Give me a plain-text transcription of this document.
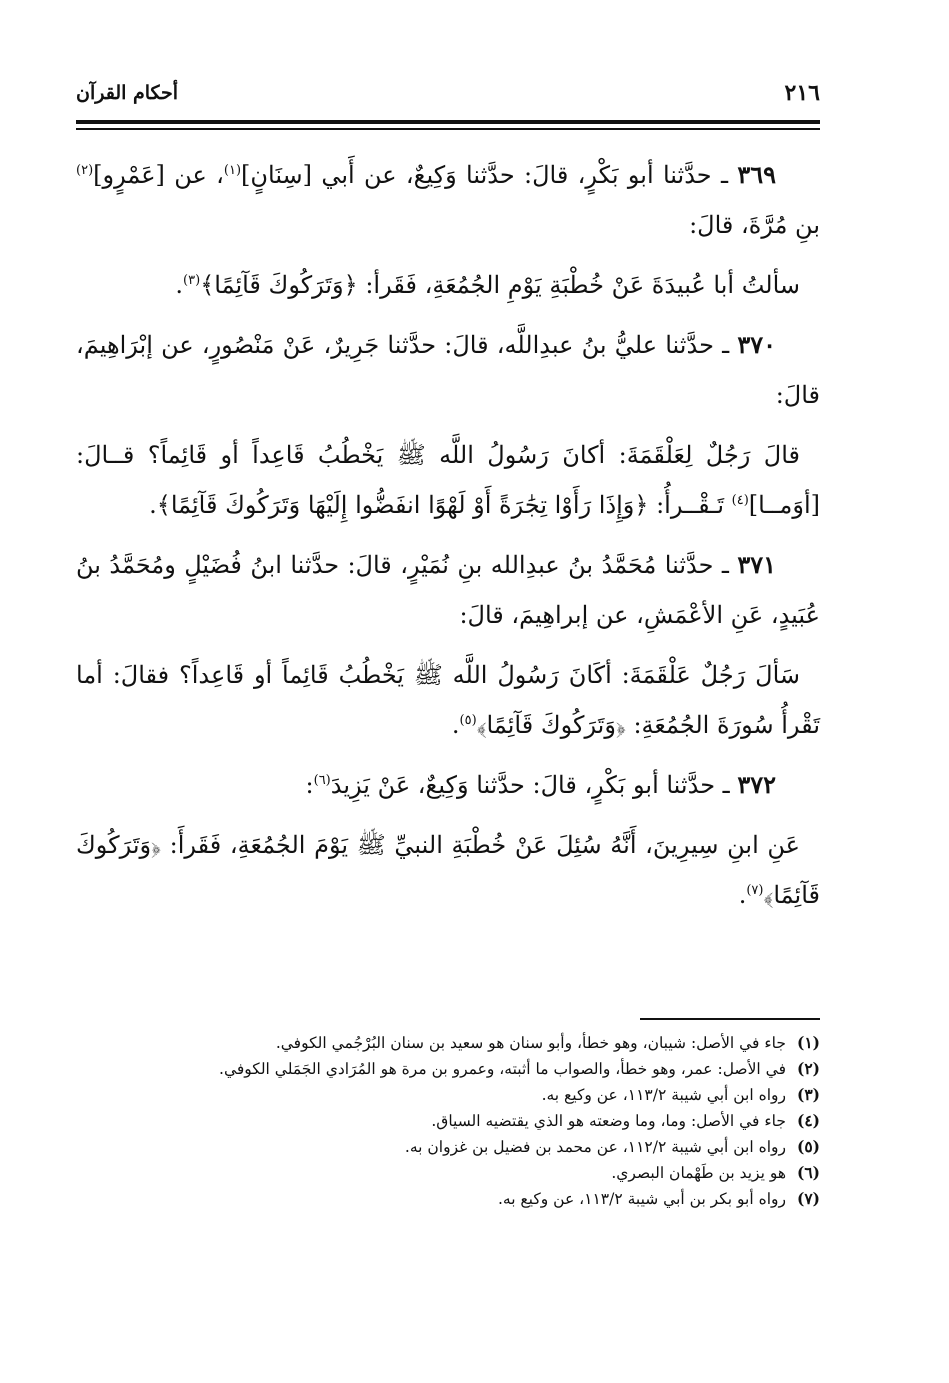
٢١٦
أحكام القرآن

٣٦٩ ـ حدَّثنا أبو بَكْرٍ، قالَ: حدَّثنا وَكِيعٌ، عن أَبي [سِنَانٍ]$^{(١)}$، عن [عَمْرٍو]$^{(٢)}$ بنِ مُرَّةَ، قالَ:

سألتُ أبا عُبيدَةَ عَنْ خُطْبَةِ يَوْمِ الجُمُعَةِ، فَقَرأ: ﴿وَتَرَكُوكَ قَآئِمًا﴾$^{(٣)}$.

٣٧٠ ـ حدَّثنا عليُّ بنُ عبدِاللَّه، قالَ: حدَّثنا جَرِيرٌ، عَنْ مَنْصُورٍ، عن إبْرَاهِيمَ، قالَ:

قالَ رَجُلٌ لِعَلْقَمَةَ: أكانَ رَسُولُ اللَّه ﷺ يَخْطُبُ قَاعِداً أو قَائِماً؟ قــالَ: [أوَمــا]$^{(٤)}$ تَـقْــرأُ: ﴿وَإِذَا رَأَوْا تِجَٰرَةً أَوْ لَهْوًا انفَضُّوا إِلَيْهَا وَتَرَكُوكَ قَآئِمًا﴾.

٣٧١ ـ حدَّثنا مُحَمَّدُ بنُ عبدِالله بنِ نُمَيْرٍ، قالَ: حدَّثنا ابنُ فُضَيْلٍ ومُحَمَّدُ بنُ عُبَيدٍ، عَنِ الأعْمَشِ، عن إبراهِيمَ، قالَ:

سَألَ رَجُلٌ عَلْقَمَةَ: أكَانَ رَسُولُ اللَّه ﷺ يَخْطُبُ قَائِماً أو قَاعِداً؟ فقالَ: أما تَقْرأُ سُورَةَ الجُمُعَةِ: ﴿وَتَرَكُوكَ قَآئِمًا﴾$^{(٥)}$.

٣٧٢ ـ حدَّثنا أبو بَكْرٍ، قالَ: حدَّثنا وَكِيعٌ، عَنْ يَزِيدَ$^{(٦)}$:

عَنِ ابنِ سِيرِينَ، أَنَّهُ سُئِلَ عَنْ خُطْبَةِ النبيِّ ﷺ يَوْمَ الجُمُعَةِ، فَقَرأَ: ﴿وَتَرَكُوكَ قَآئِمًا﴾$^{(٧)}$.

(١)
جاء في الأصل: شيبان، وهو خطأ، وأبو سنان هو سعيد بن سنان البُرْجُمي الكوفي.
(٢)
في الأصل: عمر، وهو خطأ، والصواب ما أثبته، وعمرو بن مرة هو المُرَادي الجَمَلي الكوفي.
(٣)
رواه ابن أبي شيبة ١١٣/٢، عن وكيع به.
(٤)
جاء في الأصل: وما، وما وضعته هو الذي يقتضيه السياق.
(٥)
رواه ابن أبي شيبة ١١٢/٢، عن محمد بن فضيل بن غزوان به.
(٦)
هو يزيد بن طَهْمان البصري.
(٧)
رواه أبو بكر بن أبي شيبة ١١٣/٢، عن وكيع به.
